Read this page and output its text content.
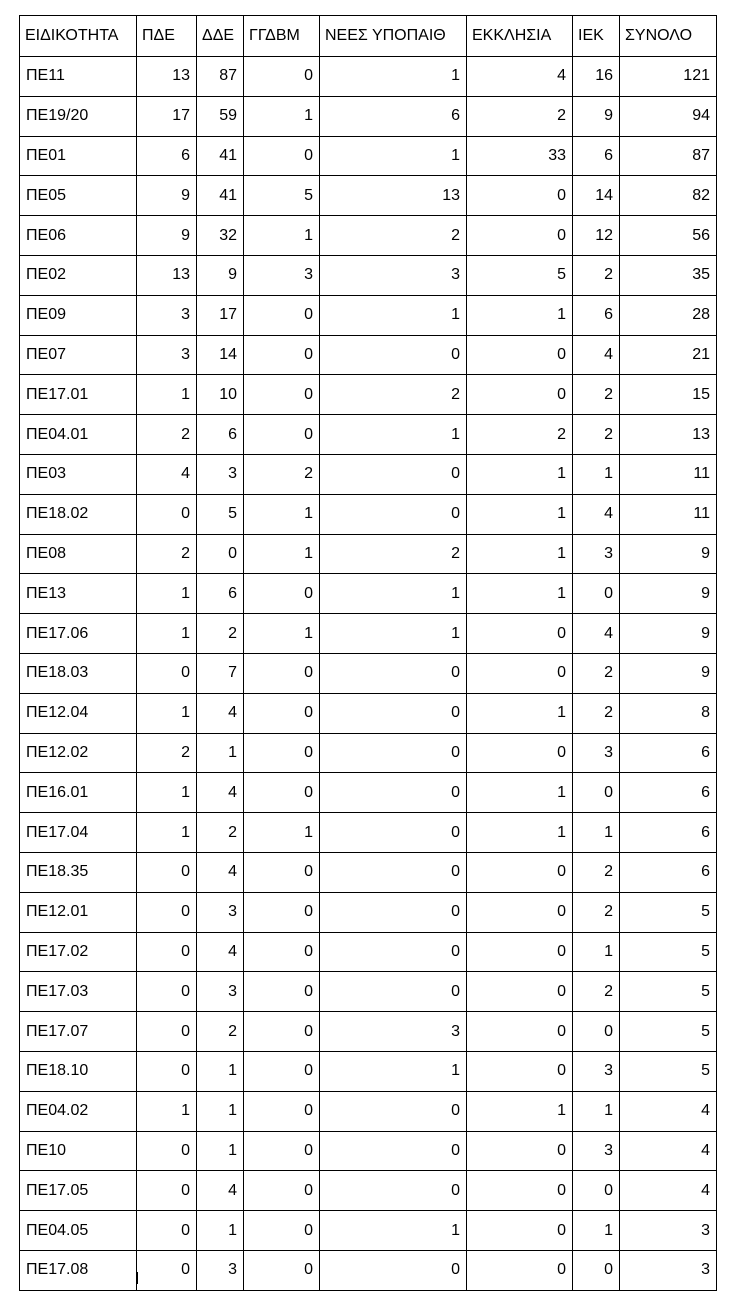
ΕΙΔΙΚΟΤΗΤΑ	ΠΔΕ	ΔΔΕ	ΓΓΔΒΜ	ΝΕΕΣ ΥΠΟΠΑΙΘ	ΕΚΚΛΗΣΙΑ	ΙΕΚ	ΣΥΝΟΛΟ
ΠΕ11	13	87	0	1	4	16	121
ΠΕ19/20	17	59	1	6	2	9	94
ΠΕ01	6	41	0	1	33	6	87
ΠΕ05	9	41	5	13	0	14	82
ΠΕ06	9	32	1	2	0	12	56
ΠΕ02	13	9	3	3	5	2	35
ΠΕ09	3	17	0	1	1	6	28
ΠΕ07	3	14	0	0	0	4	21
ΠΕ17.01	1	10	0	2	0	2	15
ΠΕ04.01	2	6	0	1	2	2	13
ΠΕ03	4	3	2	0	1	1	11
ΠΕ18.02	0	5	1	0	1	4	11
ΠΕ08	2	0	1	2	1	3	9
ΠΕ13	1	6	0	1	1	0	9
ΠΕ17.06	1	2	1	1	0	4	9
ΠΕ18.03	0	7	0	0	0	2	9
ΠΕ12.04	1	4	0	0	1	2	8
ΠΕ12.02	2	1	0	0	0	3	6
ΠΕ16.01	1	4	0	0	1	0	6
ΠΕ17.04	1	2	1	0	1	1	6
ΠΕ18.35	0	4	0	0	0	2	6
ΠΕ12.01	0	3	0	0	0	2	5
ΠΕ17.02	0	4	0	0	0	1	5
ΠΕ17.03	0	3	0	0	0	2	5
ΠΕ17.07	0	2	0	3	0	0	5
ΠΕ18.10	0	1	0	1	0	3	5
ΠΕ04.02	1	1	0	0	1	1	4
ΠΕ10	0	1	0	0	0	3	4
ΠΕ17.05	0	4	0	0	0	0	4
ΠΕ04.05	0	1	0	1	0	1	3
ΠΕ17.08	0	3	0	0	0	0	3
